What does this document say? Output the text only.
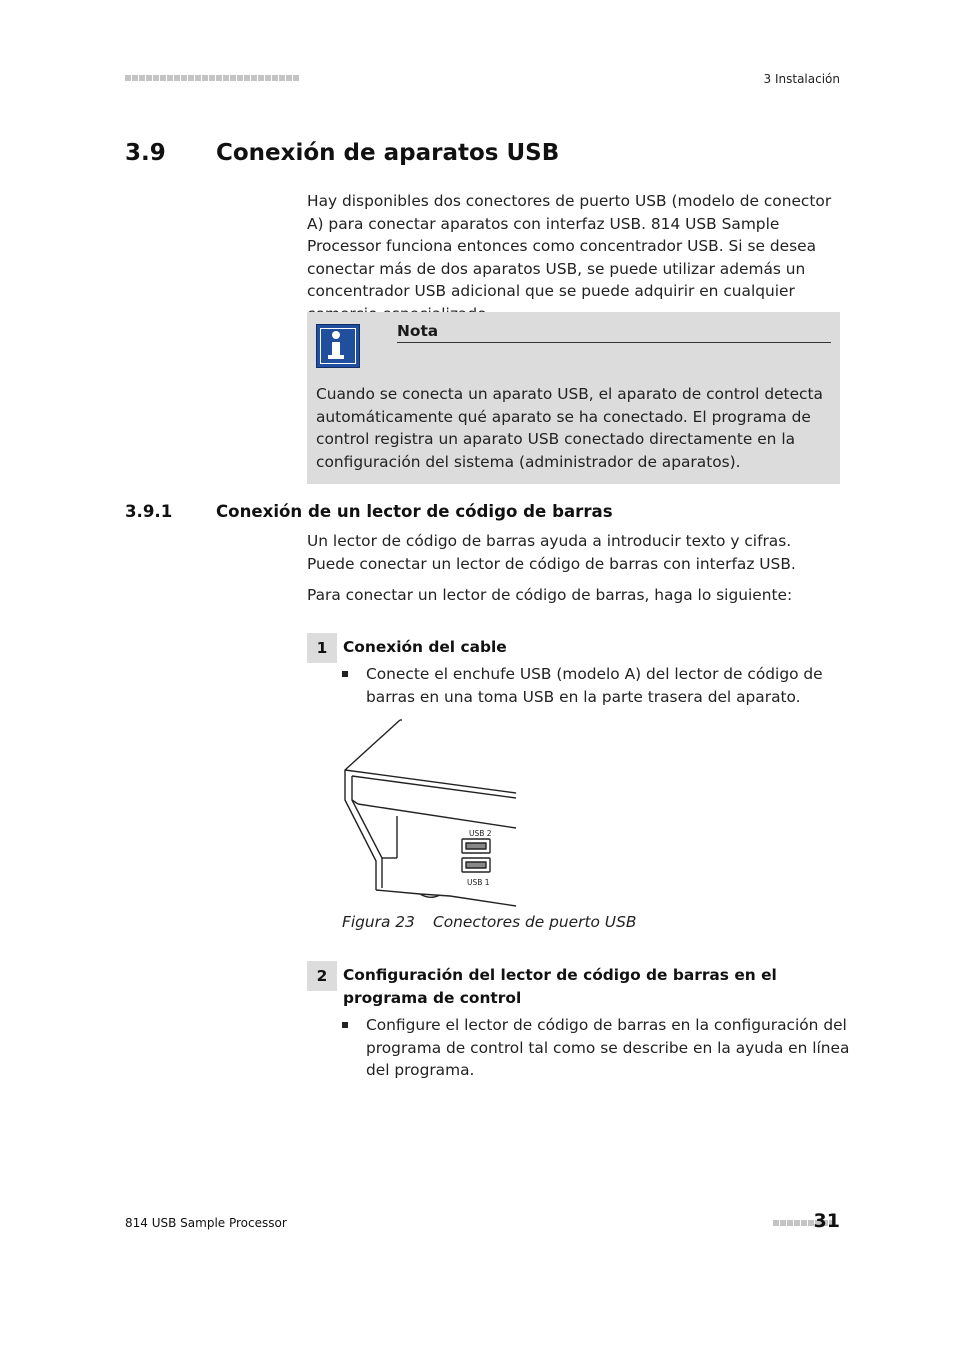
3 Instalación
3.9 Conexión de aparatos USB
Hay disponibles dos conectores de puerto USB (modelo de conector A) para conectar aparatos con interfaz USB. 814 USB Sample Processor funciona entonces como concentrador USB. Si se desea conectar más de dos aparatos USB, se puede utilizar además un concentrador USB adicional que se puede adquirir en cualquier
Nota
Cuando se conecta un aparato USB, el aparato de control detecta automáticamente qué aparato se ha conectado. El programa de control registra un aparato USB conectado directamente en la configuración del sistema (administrador de aparatos).
3.9.1	Conexión de un lector de código de barras
Un lector de código de barras ayuda a introducir texto y cifras. Puede conectar un lector de código de barras con interfaz USB.
Para conectar un lector de código de barras, haga lo siguiente:
1	Conexión del cable
Conecte el enchufe USB (modelo A) del lector de código de barras en una toma USB en la parte trasera del aparato.
USB 2
USB 1
Figura 23 Conectores de puerto USB
2	Configuración del lector de código de barras en el programa de control
Configure el lector de código de barras en la configuración del programa de control tal como se describe en la ayuda en línea del programa.
814 USB Sample Processor	31
